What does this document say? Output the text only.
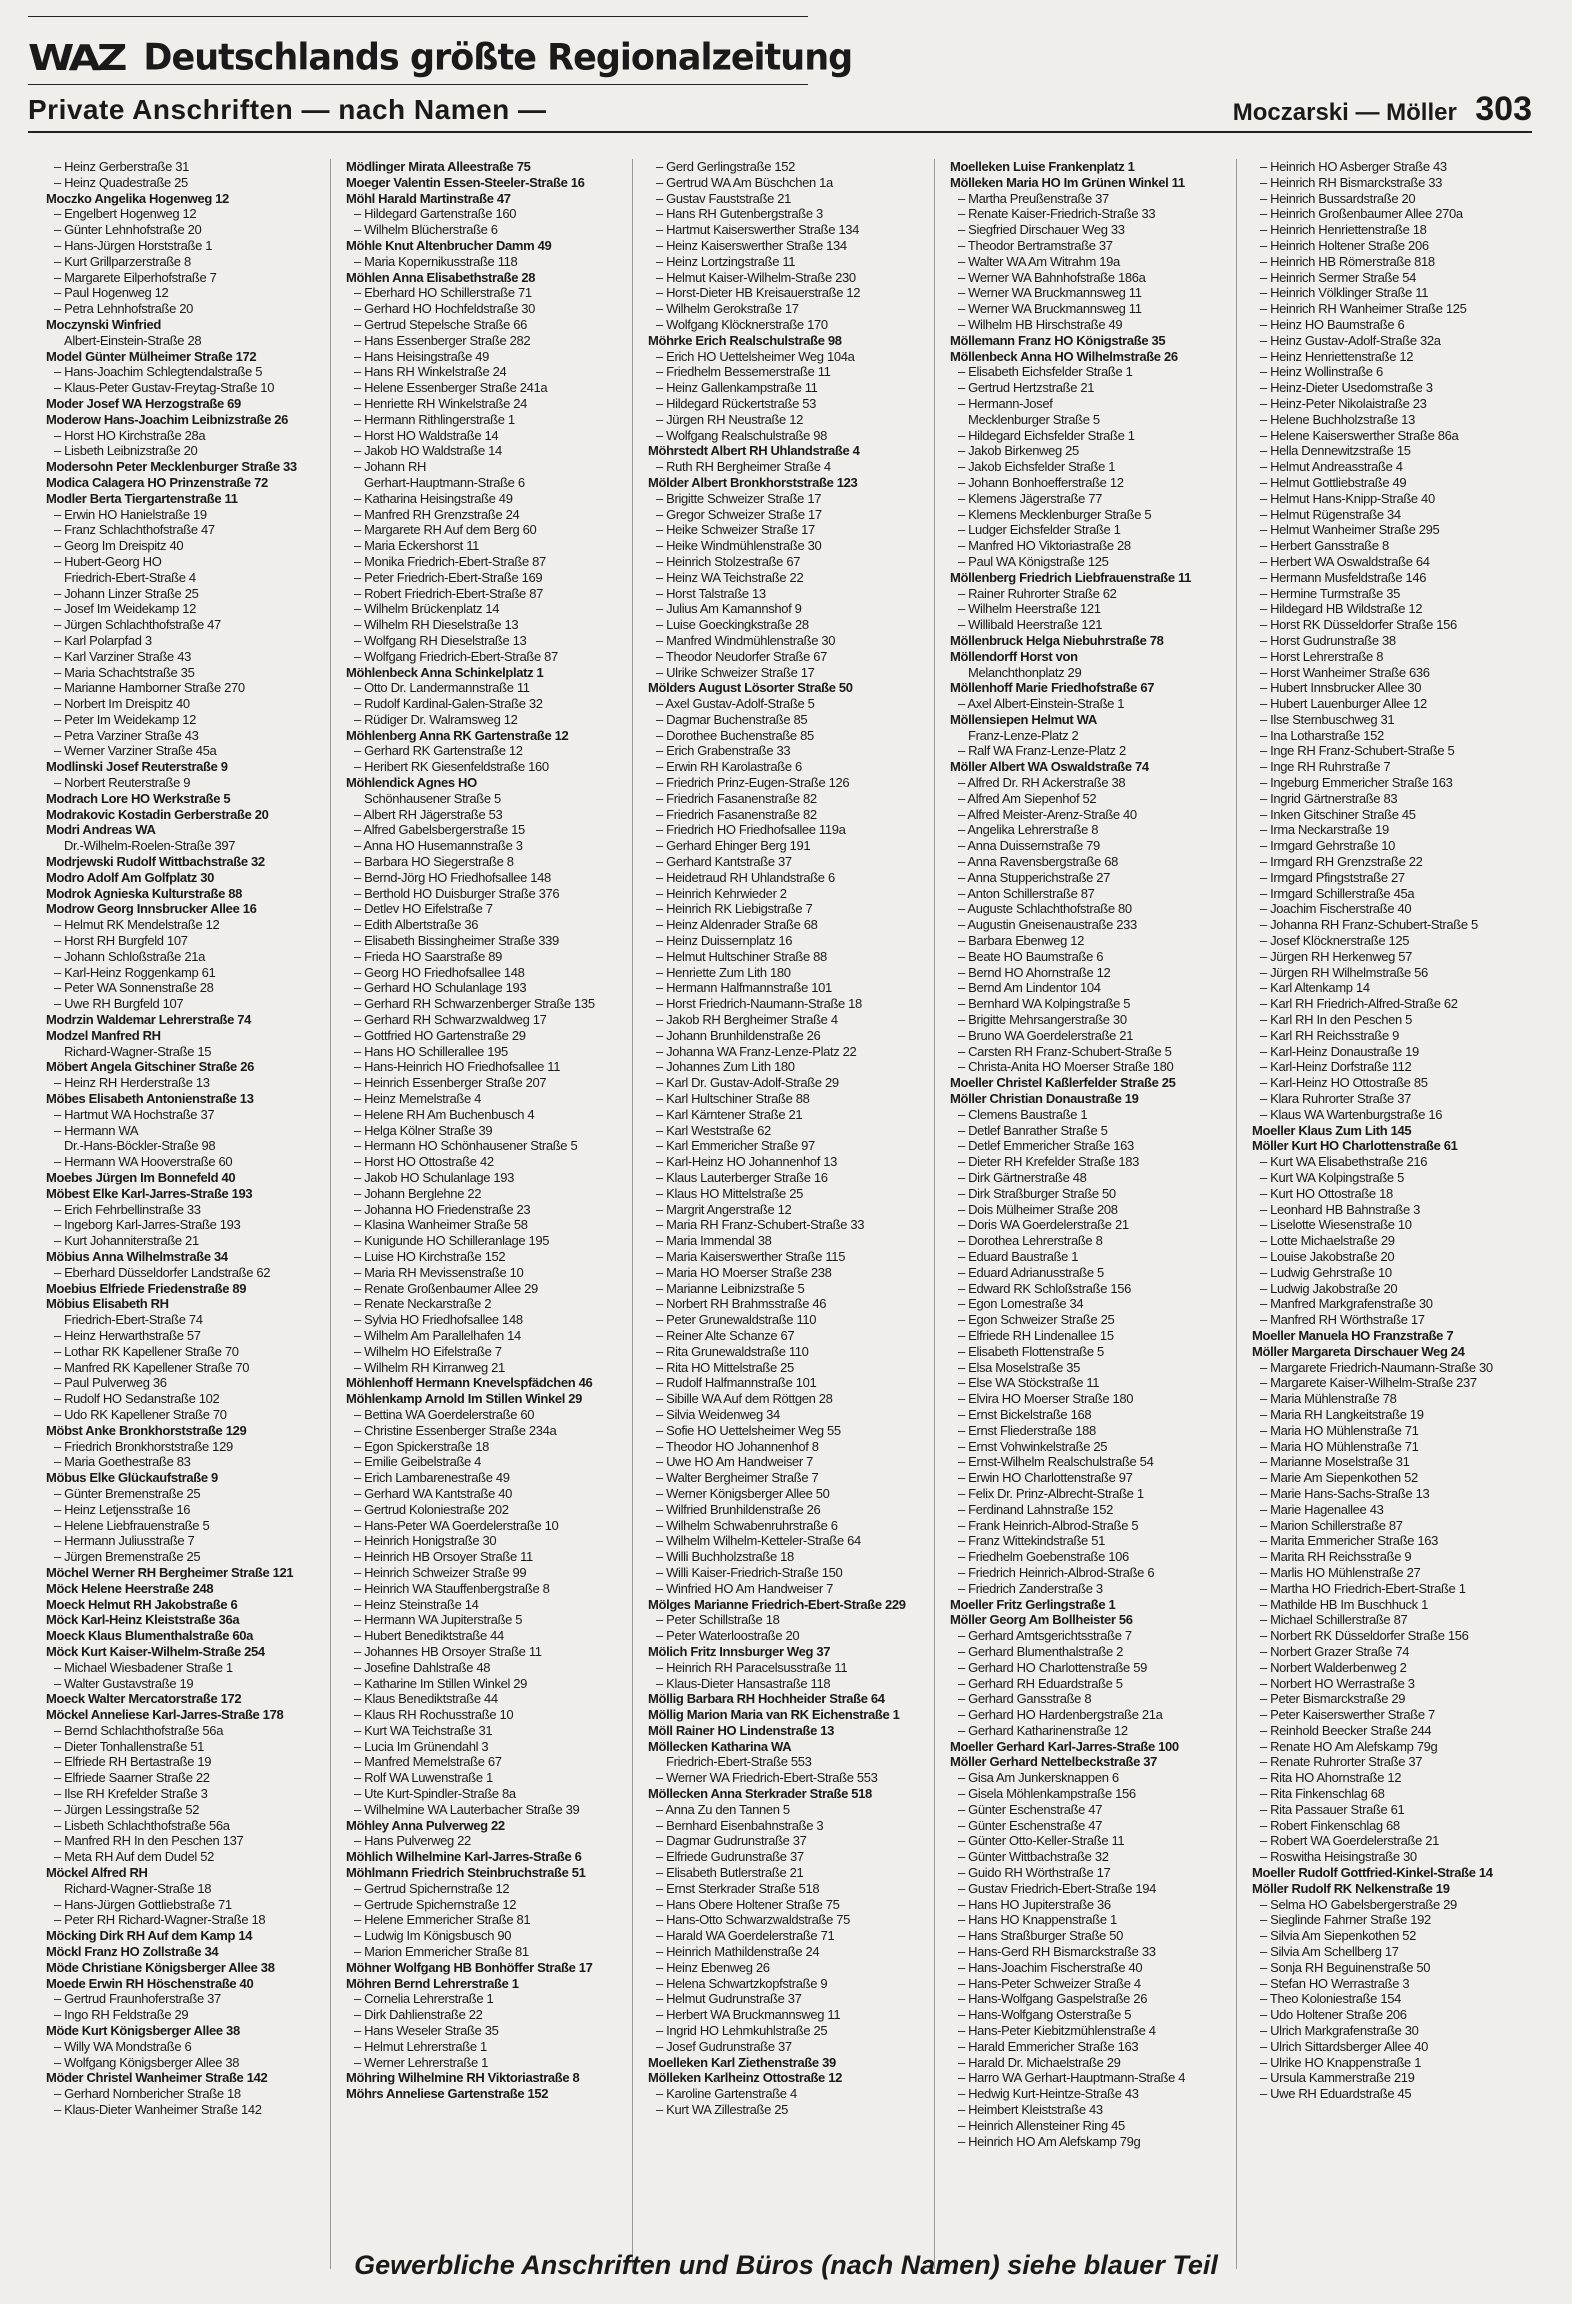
WAZ Deutschlands größte Regionalzeitung
Private Anschriften — nach Namen —	Moczarski — Möller 303
– Heinz Gerberstraße 31
– Heinz Quadestraße 25
Moczko Angelika Hogenweg 12
– Engelbert Hogenweg 12
– Günter Lehnhofstraße 20
– Hans-Jürgen Horststraße 1
– Kurt Grillparzerstraße 8
– Margarete Eilperhofstraße 7
– Paul Hogenweg 12
– Petra Lehnhofstraße 20
Moczynski Winfried
Albert-Einstein-Straße 28
Model Günter Mülheimer Straße 172
– Hans-Joachim Schlegtendalstraße 5
– Klaus-Peter Gustav-Freytag-Straße 10
Moder Josef WA Herzogstraße 69
Moderow Hans-Joachim Leibnizstraße 26
– Horst HO Kirchstraße 28a
– Lisbeth Leibnizstraße 20
Modersohn Peter Mecklenburger Straße 33
Modica Calagera HO Prinzenstraße 72
Modler Berta Tiergartenstraße 11
– Erwin HO Hanielstraße 19
– Franz Schlachthofstraße 47
– Georg Im Dreispitz 40
– Hubert-Georg HO
Friedrich-Ebert-Straße 4
– Johann Linzer Straße 25
– Josef Im Weidekamp 12
– Jürgen Schlachthofstraße 47
– Karl Polarpfad 3
– Karl Varziner Straße 43
– Maria Schachtstraße 35
– Marianne Hamborner Straße 270
– Norbert Im Dreispitz 40
– Peter Im Weidekamp 12
– Petra Varziner Straße 43
– Werner Varziner Straße 45a
Modlinski Josef Reuterstraße 9
– Norbert Reuterstraße 9
Modrach Lore HO Werkstraße 5
Modrakovic Kostadin Gerberstraße 20
Modri Andreas WA
Dr.-Wilhelm-Roelen-Straße 397
Modrjewski Rudolf Wittbachstraße 32
Modro Adolf Am Golfplatz 30
Modrok Agnieska Kulturstraße 88
Modrow Georg Innsbrucker Allee 16
– Helmut RK Mendelstraße 12
– Horst RH Burgfeld 107
– Johann Schloßstraße 21a
– Karl-Heinz Roggenkamp 61
– Peter WA Sonnenstraße 28
– Uwe RH Burgfeld 107
Modrzin Waldemar Lehrerstraße 74
Modzel Manfred RH
Richard-Wagner-Straße 15
Möbert Angela Gitschiner Straße 26
– Heinz RH Herderstraße 13
Möbes Elisabeth Antonienstraße 13
– Hartmut WA Hochstraße 37
– Hermann WA
Dr.-Hans-Böckler-Straße 98
– Hermann WA Hooverstraße 60
Moebes Jürgen Im Bonnefeld 40
Möbest Elke Karl-Jarres-Straße 193
– Erich Fehrbellinstraße 33
– Ingeborg Karl-Jarres-Straße 193
– Kurt Johanniterstraße 21
Möbius Anna Wilhelmstraße 34
– Eberhard Düsseldorfer Landstraße 62
Moebius Elfriede Friedenstraße 89
Möbius Elisabeth RH
Friedrich-Ebert-Straße 74
– Heinz Herwarthstraße 57
– Lothar RK Kapellener Straße 70
– Manfred RK Kapellener Straße 70
– Paul Pulverweg 36
– Rudolf HO Sedanstraße 102
– Udo RK Kapellener Straße 70
Möbst Anke Bronkhorststraße 129
– Friedrich Bronkhorststraße 129
– Maria Goethestraße 83
Möbus Elke Glückaufstraße 9
– Günter Bremenstraße 25
– Heinz Letjensstraße 16
– Helene Liebfrauenstraße 5
– Hermann Juliusstraße 7
– Jürgen Bremenstraße 25
Möchel Werner RH Bergheimer Straße 121
Möck Helene Heerstraße 248
Moeck Helmut RH Jakobstraße 6
Möck Karl-Heinz Kleiststraße 36a
Moeck Klaus Blumenthalstraße 60a
Möck Kurt Kaiser-Wilhelm-Straße 254
– Michael Wiesbadener Straße 1
– Walter Gustavstraße 19
Moeck Walter Mercatorstraße 172
Möckel Anneliese Karl-Jarres-Straße 178
– Bernd Schlachthofstraße 56a
– Dieter Tonhallenstraße 51
– Elfriede RH Bertastraße 19
– Elfriede Saarner Straße 22
– Ilse RH Krefelder Straße 3
– Jürgen Lessingstraße 52
– Lisbeth Schlachthofstraße 56a
– Manfred RH In den Peschen 137
– Meta RH Auf dem Dudel 52
Möckel Alfred RH
Richard-Wagner-Straße 18
– Hans-Jürgen Gottliebstraße 71
– Peter RH Richard-Wagner-Straße 18
Möcking Dirk RH Auf dem Kamp 14
Möckl Franz HO Zollstraße 34
Möde Christiane Königsberger Allee 38
Moede Erwin RH Höschenstraße 40
– Gertrud Fraunhoferstraße 37
– Ingo RH Feldstraße 29
Möde Kurt Königsberger Allee 38
– Willy WA Mondstraße 6
– Wolfgang Königsberger Allee 38
Möder Christel Wanheimer Straße 142
– Gerhard Nornbericher Straße 18
– Klaus-Dieter Wanheimer Straße 142
Mödlinger Mirata Alleestraße 75
Moeger Valentin Essen-Steeler-Straße 16
Möhl Harald Martinstraße 47
– Hildegard Gartenstraße 160
– Wilhelm Blücherstraße 6
Möhle Knut Altenbrucher Damm 49
– Maria Kopernikusstraße 118
Möhlen Anna Elisabethstraße 28
– Eberhard HO Schillerstraße 71
– Gerhard HO Hochfeldstraße 30
– Gertrud Stepelsche Straße 66
– Hans Essenberger Straße 282
– Hans Heisingstraße 49
– Hans RH Winkelstraße 24
– Helene Essenberger Straße 241a
– Henriette RH Winkelstraße 24
– Hermann Rithlingerstraße 1
– Horst HO Waldstraße 14
– Jakob HO Waldstraße 14
– Johann RH
Gerhart-Hauptmann-Straße 6
– Katharina Heisingstraße 49
– Manfred RH Grenzstraße 24
– Margarete RH Auf dem Berg 60
– Maria Eckershorst 11
– Monika Friedrich-Ebert-Straße 87
– Peter Friedrich-Ebert-Straße 169
– Robert Friedrich-Ebert-Straße 87
– Wilhelm Brückenplatz 14
– Wilhelm RH Dieselstraße 13
– Wolfgang RH Dieselstraße 13
– Wolfgang Friedrich-Ebert-Straße 87
Möhlenbeck Anna Schinkelplatz 1
– Otto Dr. Landermannstraße 11
– Rudolf Kardinal-Galen-Straße 32
– Rüdiger Dr. Walramsweg 12
Möhlenberg Anna RK Gartenstraße 12
– Gerhard RK Gartenstraße 12
– Heribert RK Giesenfeldstraße 160
Möhlendick Agnes HO
Schönhausener Straße 5
– Albert RH Jägerstraße 53
– Alfred Gabelsbergerstraße 15
– Anna HO Husemannstraße 3
– Barbara HO Siegerstraße 8
– Bernd-Jörg HO Friedhofsallee 148
– Berthold HO Duisburger Straße 376
– Detlev HO Eifelstraße 7
– Edith Albertstraße 36
– Elisabeth Bissingheimer Straße 339
– Frieda HO Saarstraße 89
– Georg HO Friedhofsallee 148
– Gerhard HO Schulanlage 193
– Gerhard RH Schwarzenberger Straße 135
– Gerhard RH Schwarzwaldweg 17
– Gottfried HO Gartenstraße 29
– Hans HO Schillerallee 195
– Hans-Heinrich HO Friedhofsallee 11
– Heinrich Essenberger Straße 207
– Heinz Memelstraße 4
– Helene RH Am Buchenbusch 4
– Helga Kölner Straße 39
– Hermann HO Schönhausener Straße 5
– Horst HO Ottostraße 42
– Jakob HO Schulanlage 193
– Johann Berglehne 22
– Johanna HO Friedenstraße 23
– Klasina Wanheimer Straße 58
– Kunigunde HO Schilleranlage 195
– Luise HO Kirchstraße 152
– Maria RH Mevissenstraße 10
– Renate Großenbaumer Allee 29
– Renate Neckarstraße 2
– Sylvia HO Friedhofsallee 148
– Wilhelm Am Parallelhafen 14
– Wilhelm HO Eifelstraße 7
– Wilhelm RH Kirranweg 21
Möhlenhoff Hermann Knevelspfädchen 46
Möhlenkamp Arnold Im Stillen Winkel 29
– Bettina WA Goerdelerstraße 60
– Christine Essenberger Straße 234a
– Egon Spickerstraße 18
– Emilie Geibelstraße 4
– Erich Lambarenestraße 49
– Gerhard WA Kantstraße 40
– Gertrud Koloniestraße 202
– Hans-Peter WA Goerdelerstraße 10
– Heinrich Honigstraße 30
– Heinrich HB Orsoyer Straße 11
– Heinrich Schweizer Straße 99
– Heinrich WA Stauffenbergstraße 8
– Heinz Steinstraße 14
– Hermann WA Jupiterstraße 5
– Hubert Benediktstraße 44
– Johannes HB Orsoyer Straße 11
– Josefine Dahlstraße 48
– Katharine Im Stillen Winkel 29
– Klaus Benediktstraße 44
– Klaus RH Rochusstraße 10
– Kurt WA Teichstraße 31
– Lucia Im Grünendahl 3
– Manfred Memelstraße 67
– Rolf WA Luwenstraße 1
– Ute Kurt-Spindler-Straße 8a
– Wilhelmine WA Lauterbacher Straße 39
Möhley Anna Pulverweg 22
– Hans Pulverweg 22
Möhlich Wilhelmine Karl-Jarres-Straße 6
Möhlmann Friedrich Steinbruchstraße 51
– Gertrud Spichernstraße 12
– Gertrude Spichernstraße 12
– Helene Emmericher Straße 81
– Ludwig Im Königsbusch 90
– Marion Emmericher Straße 81
Möhner Wolfgang HB Bonhöffer Straße 17
Möhren Bernd Lehrerstraße 1
– Cornelia Lehrerstraße 1
– Dirk Dahlienstraße 22
– Hans Weseler Straße 35
– Helmut Lehrerstraße 1
– Werner Lehrerstraße 1
Möhring Wilhelmine RH Viktoriastraße 8
Möhrs Anneliese Gartenstraße 152
– Gerd Gerlingstraße 152
– Gertrud WA Am Büschchen 1a
– Gustav Fauststraße 21
– Hans RH Gutenbergstraße 3
– Hartmut Kaiserswerther Straße 134
– Heinz Kaiserswerther Straße 134
– Heinz Lortzingstraße 11
– Helmut Kaiser-Wilhelm-Straße 230
– Horst-Dieter HB Kreisauerstraße 12
– Wilhelm Gerokstraße 17
– Wolfgang Klöcknerstraße 170
Möhrke Erich Realschulstraße 98
– Erich HO Uettelsheimer Weg 104a
– Friedhelm Bessemerstraße 11
– Heinz Gallenkampstraße 11
– Hildegard Rückertstraße 53
– Jürgen RH Neustraße 12
– Wolfgang Realschulstraße 98
Möhrstedt Albert RH Uhlandstraße 4
– Ruth RH Bergheimer Straße 4
Mölder Albert Bronkhorststraße 123
– Brigitte Schweizer Straße 17
– Gregor Schweizer Straße 17
– Heike Schweizer Straße 17
– Heike Windmühlenstraße 30
– Heinrich Stolzestraße 67
– Heinz WA Teichstraße 22
– Horst Talstraße 13
– Julius Am Kamannshof 9
– Luise Goeckingkstraße 28
– Manfred Windmühlenstraße 30
– Theodor Neudorfer Straße 67
– Ulrike Schweizer Straße 17
Mölders August Lösorter Straße 50
– Axel Gustav-Adolf-Straße 5
– Dagmar Buchenstraße 85
– Dorothee Buchenstraße 85
– Erich Grabenstraße 33
– Erwin RH Karolastraße 6
– Friedrich Prinz-Eugen-Straße 126
– Friedrich Fasanenstraße 82
– Friedrich Fasanenstraße 82
– Friedrich HO Friedhofsallee 119a
– Gerhard Ehinger Berg 191
– Gerhard Kantstraße 37
– Heidetraud RH Uhlandstraße 6
– Heinrich Kehrwieder 2
– Heinrich RK Liebigstraße 7
– Heinz Aldenrader Straße 68
– Heinz Duissernplatz 16
– Helmut Hultschiner Straße 88
– Henriette Zum Lith 180
– Hermann Halfmannstraße 101
– Horst Friedrich-Naumann-Straße 18
– Jakob RH Bergheimer Straße 4
– Johann Brunhildenstraße 26
– Johanna WA Franz-Lenze-Platz 22
– Johannes Zum Lith 180
– Karl Dr. Gustav-Adolf-Straße 29
– Karl Hultschiner Straße 88
– Karl Kärntener Straße 21
– Karl Weststraße 62
– Karl Emmericher Straße 97
– Karl-Heinz HO Johannenhof 13
– Klaus Lauterberger Straße 16
– Klaus HO Mittelstraße 25
– Margrit Angerstraße 12
– Maria RH Franz-Schubert-Straße 33
– Maria Immendal 38
– Maria Kaiserswerther Straße 115
– Maria HO Moerser Straße 238
– Marianne Leibnizstraße 5
– Norbert RH Brahmsstraße 46
– Peter Grunewaldstraße 110
– Reiner Alte Schanze 67
– Rita Grunewaldstraße 110
– Rita HO Mittelstraße 25
– Rudolf Halfmannstraße 101
– Sibille WA Auf dem Röttgen 28
– Silvia Weidenweg 34
– Sofie HO Uettelsheimer Weg 55
– Theodor HO Johannenhof 8
– Uwe HO Am Handweiser 7
– Walter Bergheimer Straße 7
– Werner Königsberger Allee 50
– Wilfried Brunhildenstraße 26
– Wilhelm Schwabenruhrstraße 6
– Wilhelm Wilhelm-Ketteler-Straße 64
– Willi Buchholzstraße 18
– Willi Kaiser-Friedrich-Straße 150
– Winfried HO Am Handweiser 7
Mölges Marianne Friedrich-Ebert-Straße 229
– Peter Schillstraße 18
– Peter Waterloostraße 20
Mölich Fritz Innsburger Weg 37
– Heinrich RH Paracelsusstraße 11
– Klaus-Dieter Hansastraße 118
Möllig Barbara RH Hochheider Straße 64
Möllig Marion Maria van RK Eichenstraße 1
Möll Rainer HO Lindenstraße 13
Möllecken Katharina WA
Friedrich-Ebert-Straße 553
– Werner WA Friedrich-Ebert-Straße 553
Möllecken Anna Sterkrader Straße 518
– Anna Zu den Tannen 5
– Bernhard Eisenbahnstraße 3
– Dagmar Gudrunstraße 37
– Elfriede Gudrunstraße 37
– Elisabeth Butlerstraße 21
– Ernst Sterkrader Straße 518
– Hans Obere Holtener Straße 75
– Hans-Otto Schwarzwaldstraße 75
– Harald WA Goerdelerstraße 71
– Heinrich Mathildenstraße 24
– Heinz Ebenweg 26
– Helena Schwartzkopfstraße 9
– Helmut Gudrunstraße 37
– Herbert WA Bruckmannsweg 11
– Ingrid HO Lehmkuhlstraße 25
– Josef Gudrunstraße 37
Moelleken Karl Ziethenstraße 39
Mölleken Karlheinz Ottostraße 12
– Karoline Gartenstraße 4
– Kurt WA Zillestraße 25
Moelleken Luise Frankenplatz 1
Mölleken Maria HO Im Grünen Winkel 11
– Martha Preußenstraße 37
– Renate Kaiser-Friedrich-Straße 33
– Siegfried Dirschauer Weg 33
– Theodor Bertramstraße 37
– Walter WA Am Witrahm 19a
– Werner WA Bahnhofstraße 186a
– Werner WA Bruckmannsweg 11
– Werner WA Bruckmannsweg 11
– Wilhelm HB Hirschstraße 49
Möllemann Franz HO Königstraße 35
Möllenbeck Anna HO Wilhelmstraße 26
– Elisabeth Eichsfelder Straße 1
– Gertrud Hertzstraße 21
– Hermann-Josef
Mecklenburger Straße 5
– Hildegard Eichsfelder Straße 1
– Jakob Birkenweg 25
– Jakob Eichsfelder Straße 1
– Johann Bonhoefferstraße 12
– Klemens Jägerstraße 77
– Klemens Mecklenburger Straße 5
– Ludger Eichsfelder Straße 1
– Manfred HO Viktoriastraße 28
– Paul WA Königstraße 125
Möllenberg Friedrich Liebfrauenstraße 11
– Rainer Ruhrorter Straße 62
– Wilhelm Heerstraße 121
– Willibald Heerstraße 121
Möllenbruck Helga Niebuhrstraße 78
Möllendorff Horst von
Melanchthonplatz 29
Möllenhoff Marie Friedhofstraße 67
– Axel Albert-Einstein-Straße 1
Möllensiepen Helmut WA
Franz-Lenze-Platz 2
– Ralf WA Franz-Lenze-Platz 2
Möller Albert WA Oswaldstraße 74
– Alfred Dr. RH Ackerstraße 38
– Alfred Am Siepenhof 52
– Alfred Meister-Arenz-Straße 40
– Angelika Lehrerstraße 8
– Anna Duissernstraße 79
– Anna Ravensbergstraße 68
– Anna Stupperichstraße 27
– Anton Schillerstraße 87
– Auguste Schlachthofstraße 80
– Augustin Gneisenaustraße 233
– Barbara Ebenweg 12
– Beate HO Baumstraße 6
– Bernd HO Ahornstraße 12
– Bernd Am Lindentor 104
– Bernhard WA Kolpingstraße 5
– Brigitte Mehrsangerstraße 30
– Bruno WA Goerdelerstraße 21
– Carsten RH Franz-Schubert-Straße 5
– Christa-Anita HO Moerser Straße 180
Moeller Christel Kaßlerfelder Straße 25
Möller Christian Donaustraße 19
– Clemens Baustraße 1
– Detlef Banrather Straße 5
– Detlef Emmericher Straße 163
– Dieter RH Krefelder Straße 183
– Dirk Gärtnerstraße 48
– Dirk Straßburger Straße 50
– Dois Mülheimer Straße 208
– Doris WA Goerdelerstraße 21
– Dorothea Lehrerstraße 8
– Eduard Baustraße 1
– Eduard Adrianusstraße 5
– Edward RK Schloßstraße 156
– Egon Lomestraße 34
– Egon Schweizer Straße 25
– Elfriede RH Lindenallee 15
– Elisabeth Flottenstraße 5
– Elsa Moselstraße 35
– Else WA Stöckstraße 11
– Elvira HO Moerser Straße 180
– Ernst Bickelstraße 168
– Ernst Fliederstraße 188
– Ernst Vohwinkelstraße 25
– Ernst-Wilhelm Realschulstraße 54
– Erwin HO Charlottenstraße 97
– Felix Dr. Prinz-Albrecht-Straße 1
– Ferdinand Lahnstraße 152
– Frank Heinrich-Albrod-Straße 5
– Franz Wittekindstraße 51
– Friedhelm Goebenstraße 106
– Friedrich Heinrich-Albrod-Straße 6
– Friedrich Zanderstraße 3
Moeller Fritz Gerlingstraße 1
Möller Georg Am Bollheister 56
– Gerhard Amtsgerichtsstraße 7
– Gerhard Blumenthalstraße 2
– Gerhard HO Charlottenstraße 59
– Gerhard RH Eduardstraße 5
– Gerhard Gansstraße 8
– Gerhard HO Hardenbergstraße 21a
– Gerhard Katharinenstraße 12
Moeller Gerhard Karl-Jarres-Straße 100
Möller Gerhard Nettelbeckstraße 37
– Gisa Am Junkersknappen 6
– Gisela Möhlenkampstraße 156
– Günter Eschenstraße 47
– Günter Eschenstraße 47
– Günter Otto-Keller-Straße 11
– Günter Wittbachstraße 32
– Guido RH Wörthstraße 17
– Gustav Friedrich-Ebert-Straße 194
– Hans HO Jupiterstraße 36
– Hans HO Knappenstraße 1
– Hans Straßburger Straße 50
– Hans-Gerd RH Bismarckstraße 33
– Hans-Joachim Fischerstraße 40
– Hans-Peter Schweizer Straße 4
– Hans-Wolfgang Gaspelstraße 26
– Hans-Wolfgang Osterstraße 5
– Hans-Peter Kiebitzmühlenstraße 4
– Harald Emmericher Straße 163
– Harald Dr. Michaelstraße 29
– Harro WA Gerhart-Hauptmann-Straße 4
– Hedwig Kurt-Heintze-Straße 43
– Heimbert Kleiststraße 43
– Heinrich Allensteiner Ring 45
– Heinrich HO Am Alefskamp 79g
– Heinrich HO Asberger Straße 43
– Heinrich RH Bismarckstraße 33
– Heinrich Bussardstraße 20
– Heinrich Großenbaumer Allee 270a
– Heinrich Henriettenstraße 18
– Heinrich Holtener Straße 206
– Heinrich HB Römerstraße 818
– Heinrich Sermer Straße 54
– Heinrich Völklinger Straße 11
– Heinrich RH Wanheimer Straße 125
– Heinz HO Baumstraße 6
– Heinz Gustav-Adolf-Straße 32a
– Heinz Henriettenstraße 12
– Heinz Wollinstraße 6
– Heinz-Dieter Usedomstraße 3
– Heinz-Peter Nikolaistraße 23
– Helene Buchholzstraße 13
– Helene Kaiserswerther Straße 86a
– Hella Dennewitzstraße 15
– Helmut Andreasstraße 4
– Helmut Gottliebstraße 49
– Helmut Hans-Knipp-Straße 40
– Helmut Rügenstraße 34
– Helmut Wanheimer Straße 295
– Herbert Gansstraße 8
– Herbert WA Oswaldstraße 64
– Hermann Musfeldstraße 146
– Hermine Turmstraße 35
– Hildegard HB Wildstraße 12
– Horst RK Düsseldorfer Straße 156
– Horst Gudrunstraße 38
– Horst Lehrerstraße 8
– Horst Wanheimer Straße 636
– Hubert Innsbrucker Allee 30
– Hubert Lauenburger Allee 12
– Ilse Sternbuschweg 31
– Ina Lotharstraße 152
– Inge RH Franz-Schubert-Straße 5
– Inge RH Ruhrstraße 7
– Ingeburg Emmericher Straße 163
– Ingrid Gärtnerstraße 83
– Inken Gitschiner Straße 45
– Irma Neckarstraße 19
– Irmgard Gehrstraße 10
– Irmgard RH Grenzstraße 22
– Irmgard Pfingststraße 27
– Irmgard Schillerstraße 45a
– Joachim Fischerstraße 40
– Johanna RH Franz-Schubert-Straße 5
– Josef Klöcknerstraße 125
– Jürgen RH Herkenweg 57
– Jürgen RH Wilhelmstraße 56
– Karl Altenkamp 14
– Karl RH Friedrich-Alfred-Straße 62
– Karl RH In den Peschen 5
– Karl RH Reichsstraße 9
– Karl-Heinz Donaustraße 19
– Karl-Heinz Dorfstraße 112
– Karl-Heinz HO Ottostraße 85
– Klara Ruhrorter Straße 37
– Klaus WA Wartenburgstraße 16
Moeller Klaus Zum Lith 145
Möller Kurt HO Charlottenstraße 61
– Kurt WA Elisabethstraße 216
– Kurt WA Kolpingstraße 5
– Kurt HO Ottostraße 18
– Leonhard HB Bahnstraße 3
– Liselotte Wiesenstraße 10
– Lotte Michaelstraße 29
– Louise Jakobstraße 20
– Ludwig Gehrstraße 10
– Ludwig Jakobstraße 20
– Manfred Markgrafenstraße 30
– Manfred RH Wörthstraße 17
Moeller Manuela HO Franzstraße 7
Möller Margareta Dirschauer Weg 24
– Margarete Friedrich-Naumann-Straße 30
– Margarete Kaiser-Wilhelm-Straße 237
– Maria Mühlenstraße 78
– Maria RH Langkeitstraße 19
– Maria HO Mühlenstraße 71
– Maria HO Mühlenstraße 71
– Marianne Moselstraße 31
– Marie Am Siepenkothen 52
– Marie Hans-Sachs-Straße 13
– Marie Hagenallee 43
– Marion Schillerstraße 87
– Marita Emmericher Straße 163
– Marita RH Reichsstraße 9
– Marlis HO Mühlenstraße 27
– Martha HO Friedrich-Ebert-Straße 1
– Mathilde HB Im Buschhuck 1
– Michael Schillerstraße 87
– Norbert RK Düsseldorfer Straße 156
– Norbert Grazer Straße 74
– Norbert Walderbenweg 2
– Norbert HO Werrastraße 3
– Peter Bismarckstraße 29
– Peter Kaiserswerther Straße 7
– Reinhold Beecker Straße 244
– Renate HO Am Alefskamp 79g
– Renate Ruhrorter Straße 37
– Rita HO Ahornstraße 12
– Rita Finkenschlag 68
– Rita Passauer Straße 61
– Robert Finkenschlag 68
– Robert WA Goerdelerstraße 21
– Roswitha Heisingstraße 30
Moeller Rudolf Gottfried-Kinkel-Straße 14
Möller Rudolf RK Nelkenstraße 19
– Selma HO Gabelsbergerstraße 29
– Sieglinde Fahrner Straße 192
– Silvia Am Siepenkothen 52
– Silvia Am Schellberg 17
– Sonja RH Beguinenstraße 50
– Stefan HO Werrastraße 3
– Theo Koloniestraße 154
– Udo Holtener Straße 206
– Ulrich Markgrafenstraße 30
– Ulrich Sittardsberger Allee 40
– Ulrike HO Knappenstraße 1
– Ursula Kammerstraße 219
– Uwe RH Eduardstraße 45
Gewerbliche Anschriften und Büros (nach Namen) siehe blauer Teil
